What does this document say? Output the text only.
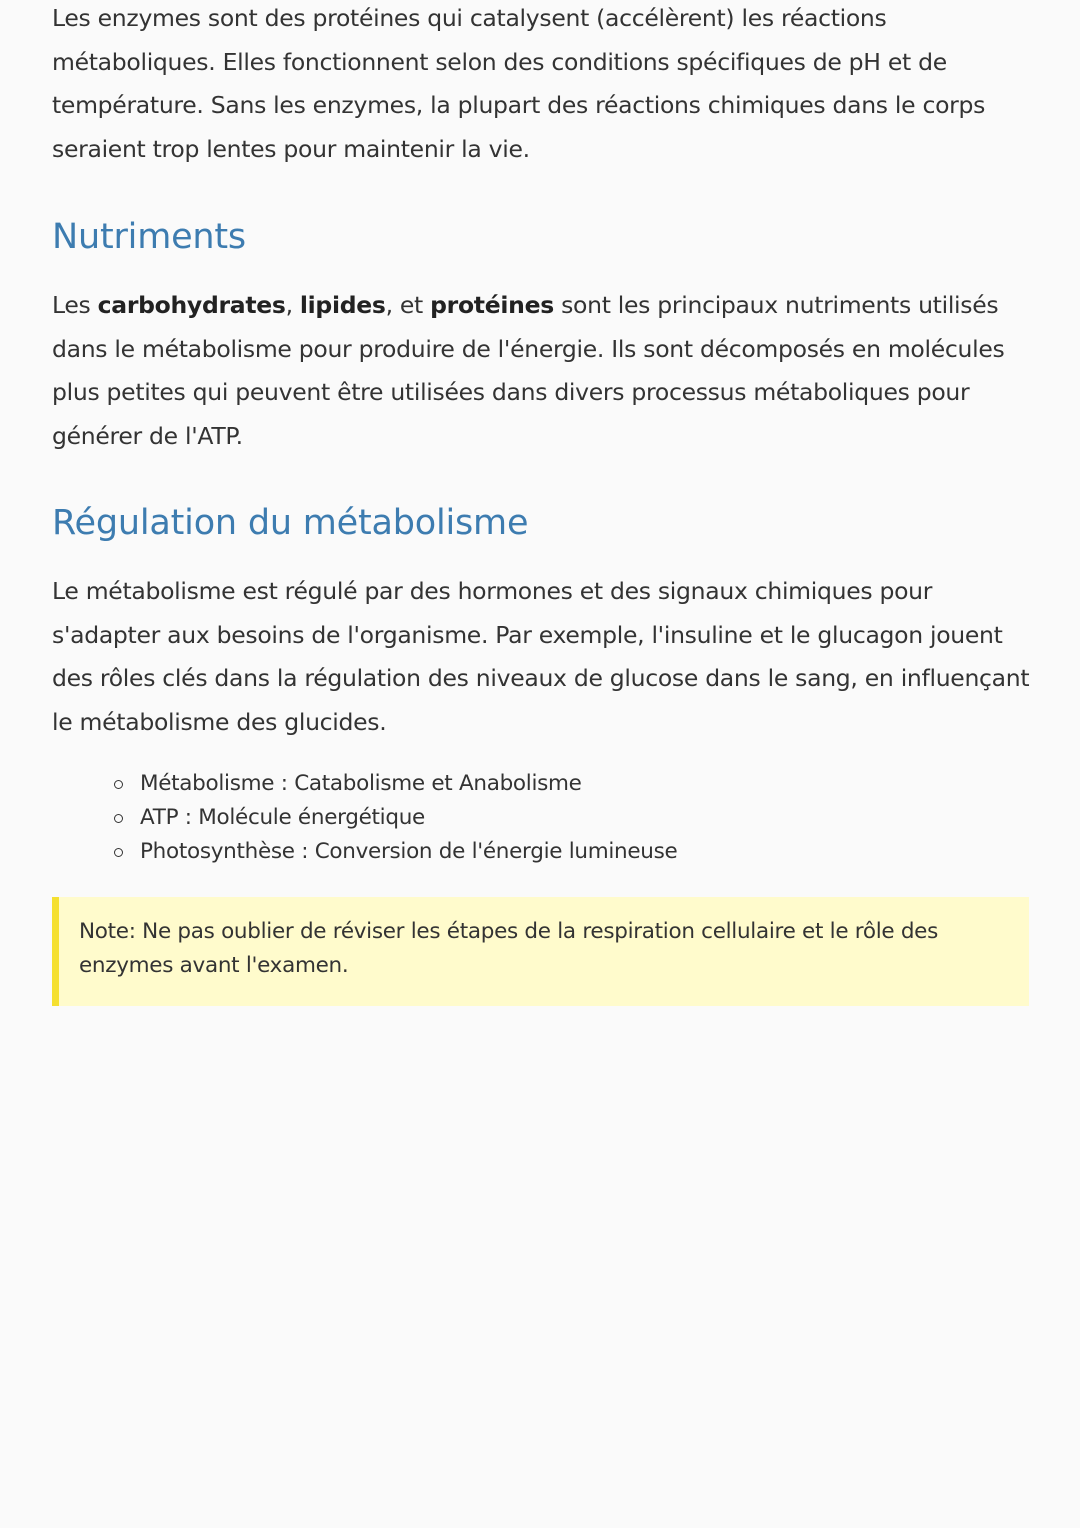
Les enzymes sont des protéines qui catalysent (accélèrent) les réactions métaboliques. Elles fonctionnent selon des conditions spécifiques de pH et de température. Sans les enzymes, la plupart des réactions chimiques dans le corps seraient trop lentes pour maintenir la vie.

Nutriments

Les carbohydrates, lipides, et protéines sont les principaux nutriments utilisés dans le métabolisme pour produire de l'énergie. Ils sont décomposés en molécules plus petites qui peuvent être utilisées dans divers processus métaboliques pour générer de l'ATP.

Régulation du métabolisme

Le métabolisme est régulé par des hormones et des signaux chimiques pour s'adapter aux besoins de l'organisme. Par exemple, l'insuline et le glucagon jouent des rôles clés dans la régulation des niveaux de glucose dans le sang, en influençant le métabolisme des glucides.

Métabolisme : Catabolisme et Anabolisme
ATP : Molécule énergétique
Photosynthèse : Conversion de l'énergie lumineuse
Note: Ne pas oublier de réviser les étapes de la respiration cellulaire et le rôle des enzymes avant l'examen.
